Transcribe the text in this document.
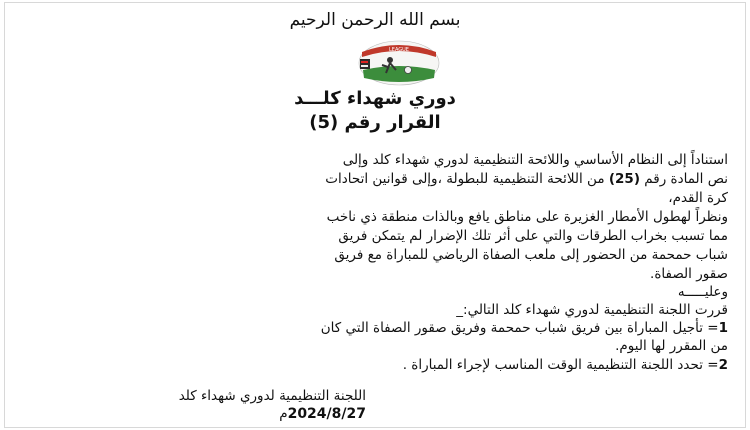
بسم الله الرحمن الرحيم
LEAGUE
دوري شهداء كلـــد
القرار رقم (5)
استناداً إلى النظام الأساسي واللائحة التنظيمية لدوري شهداء كلد وإلى
نص المادة رقم (25) من اللائحة التنظيمية للبطولة ،وإلى قوانين اتحادات
كرة القدم،
ونظراً لهطول الأمطار الغزيرة على مناطق يافع وبالذات منطقة ذي ناخب
مما تسبب بخراب الطرقات والتي على أثر تلك الإضرار لم يتمكن فريق
شباب حمحمة من الحضور إلى ملعب الصفاة الرياضي للمباراة مع فريق
صقور الصفاة.
وعليـــــه
قررت اللجنة التنظيمية لدوري شهداء كلد التالي:_
1= تأجيل المباراة بين فريق شباب حمحمة وفريق صقور الصفاة التي كان
من المقرر لها اليوم.
2= تحدد اللجنة التنظيمية الوقت المناسب لإجراء المباراة .
اللجنة التنظيمية لدوري شهداء كلد
2024/8/27م
